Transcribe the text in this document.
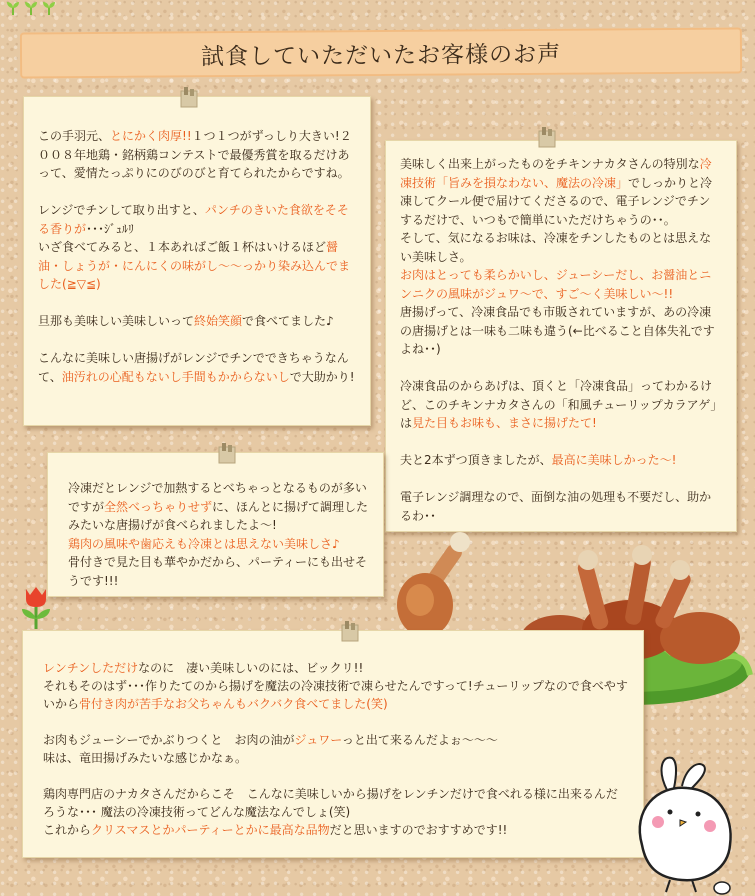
試食していただいたお客様のお声

この手羽元、とにかく肉厚!!１つ１つがずっしり大きい!２００８年地鶏・銘柄鶏コンテストで最優秀賞を取るだけあって、愛情たっぷりにのびのびと育てられたからですね。

レンジでチンして取り出すと、パンチのきいた食欲をそそる香りが･･･ｼﾞｭﾙﾘ
いざ食べてみると、１本あればご飯１杯はいけるほど醤油・しょうが・にんにくの味がし～～っかり染み込んでました(≧▽≦)

旦那も美味しい美味しいって終始笑顔で食べてました♪

こんなに美味しい唐揚げがレンジでチンでできちゃうなんて、油汚れの心配もないし手間もかからないしで大助かり!

美味しく出来上がったものをチキンナカタさんの特別な冷凍技術「旨みを損なわない、魔法の冷凍」でしっかりと冷凍してクール便で届けてくださるので、電子レンジでチンするだけで、いつもで簡単にいただけちゃうの･･。
そして、気になるお味は、冷凍をチンしたものとは思えない美味しさ。
お肉はとっても柔らかいし、ジューシーだし、お醤油とニンニクの風味がジュワ～で、すご～く美味しい～!!
唐揚げって、冷凍食品でも市販されていますが、あの冷凍の唐揚げとは一味も二味も違う(←比べること自体失礼ですよね･･)

冷凍食品のからあげは、頂くと「冷凍食品」ってわかるけど、このチキンナカタさんの「和風チューリップカラアゲ」は見た目もお味も、まさに揚げたて!

夫と2本ずつ頂きましたが、最高に美味しかった～!

電子レンジ調理なので、面倒な油の処理も不要だし、助かるわ･･

冷凍だとレンジで加熱するとべちゃっとなるものが多いですが全然べっちゃりせずに、ほんとに揚げて調理したみたいな唐揚げが食べられましたよ～!
鶏肉の風味や歯応えも冷凍とは思えない美味しさ♪
骨付きで見た目も華やかだから、パーティーにも出せそうです!!!

レンチンしただけなのに　凄い美味しいのには、ビックリ!!
それもそのはず･･･作りたてのから揚げを魔法の冷凍技術で凍らせたんですって!チューリップなので食べやすいから骨付き肉が苦手なお父ちゃんもバクバク食べてました(笑)

お肉もジューシーでかぶりつくと　お肉の油がジュワーっと出て来るんだよぉ～～～
味は、竜田揚げみたいな感じかなぁ。

鶏肉専門店のナカタさんだからこそ　こんなに美味しいから揚げをレンチンだけで食べれる様に出来るんだろうな･･･ 魔法の冷凍技術ってどんな魔法なんでしょ(笑)
これからクリスマスとかパーティーとかに最高な品物だと思いますのでおすすめです!!
